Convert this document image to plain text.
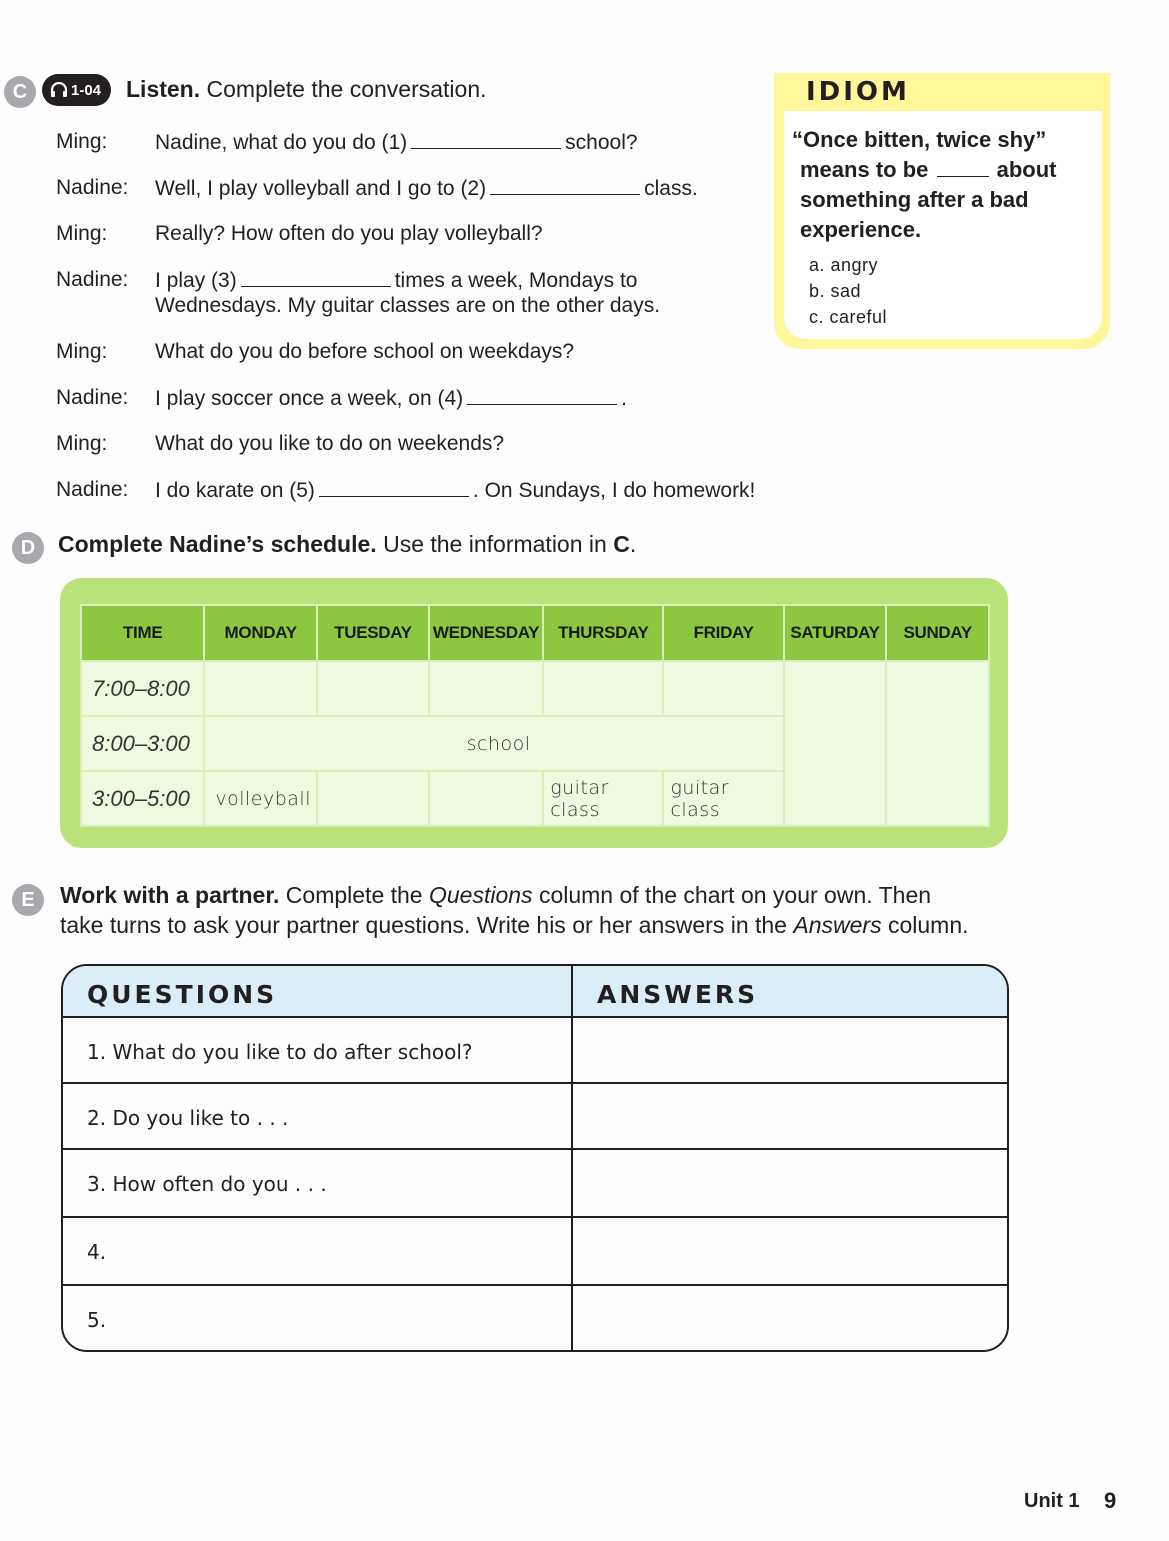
C	1-04 Listen. Complete the conversation.
Ming: Nadine, what do you do (1)	school?
Nadine: Well, I play volleyball and I go to (2)	class.
Ming: Really? How often do you play volleyball?
Nadine: I play (3)	times a week, Mondays to
Wednesdays. My guitar classes are on the other days.
Ming: What do you do before school on weekdays?
Nadine: I play soccer once a week, on (4)	.
Ming: What do you like to do on weekends?
Nadine: I do karate on (5)	. On Sundays, I do homework!
IDIOM
“Once bitten, twice shy”
means to be	about
something after a bad
experience.
a. angry
b. sad
c. careful
D Complete Nadine’s schedule. Use the information in C.
TIME	MONDAY	TUESDAY	WEDNESDAY	THURSDAY	FRIDAY	SATURDAY	SUNDAY
7:00–8:00							
8:00–3:00	school						
3:00–5:00	volleyball			guitar class	guitar class		
E Work with a partner. Complete the Questions column of the chart on your own. Then
take turns to ask your partner questions. Write his or her answers in the Answers column.
QUESTIONS	ANSWERS
1. What do you like to do after school?
2. Do you like to . . .
3. How often do you . . .
4.
5.
Unit 1 9
